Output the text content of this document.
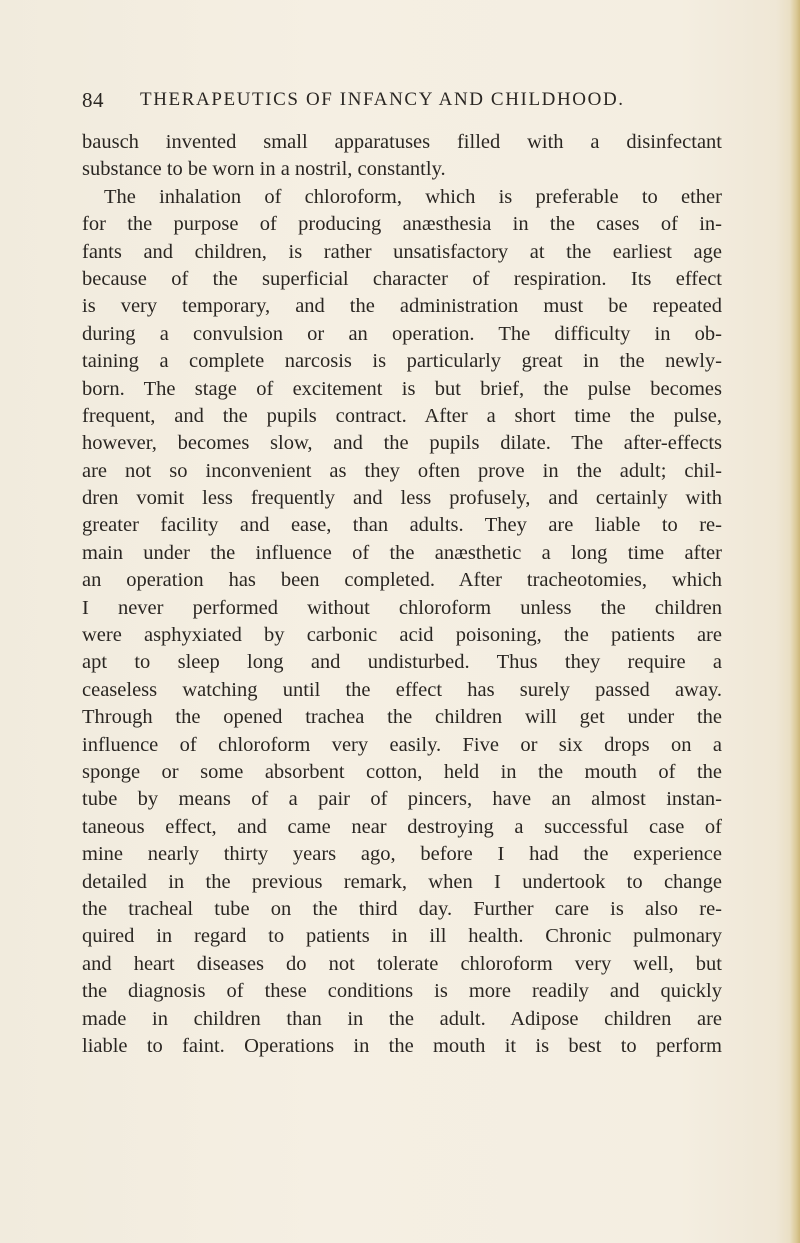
84 THERAPEUTICS OF INFANCY AND CHILDHOOD.
bausch invented small apparatuses filled with a disinfectant
substance to be worn in a nostril, constantly.
The inhalation of chloroform, which is preferable to ether
for the purpose of producing anæsthesia in the cases of in-
fants and children, is rather unsatisfactory at the earliest age
because of the superficial character of respiration. Its effect
is very temporary, and the administration must be repeated
during a convulsion or an operation. The difficulty in ob-
taining a complete narcosis is particularly great in the newly-
born. The stage of excitement is but brief, the pulse becomes
frequent, and the pupils contract. After a short time the pulse,
however, becomes slow, and the pupils dilate. The after-effects
are not so inconvenient as they often prove in the adult; chil-
dren vomit less frequently and less profusely, and certainly with
greater facility and ease, than adults. They are liable to re-
main under the influence of the anæsthetic a long time after
an operation has been completed. After tracheotomies, which
I never performed without chloroform unless the children
were asphyxiated by carbonic acid poisoning, the patients are
apt to sleep long and undisturbed. Thus they require a
ceaseless watching until the effect has surely passed away.
Through the opened trachea the children will get under the
influence of chloroform very easily. Five or six drops on a
sponge or some absorbent cotton, held in the mouth of the
tube by means of a pair of pincers, have an almost instan-
taneous effect, and came near destroying a successful case of
mine nearly thirty years ago, before I had the experience
detailed in the previous remark, when I undertook to change
the tracheal tube on the third day. Further care is also re-
quired in regard to patients in ill health. Chronic pulmonary
and heart diseases do not tolerate chloroform very well, but
the diagnosis of these conditions is more readily and quickly
made in children than in the adult. Adipose children are
liable to faint. Operations in the mouth it is best to perform
